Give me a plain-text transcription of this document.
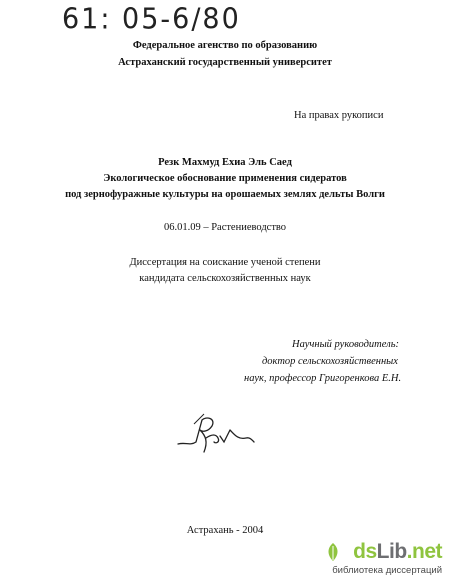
61: 05-6/80
Федеральное агенство по образованию
Астраханский государственный университет
На правах рукописи
Резк Махмуд Ехиа Эль Саед
Экологическое обоснование применения сидератов
под зернофуражные культуры на орошаемых землях дельты Волги
06.01.09 – Растениеводство
Диссертация на соискание ученой степени
кандидата сельскохозяйственных наук
Научный руководитель:
доктор сельскохозяйственных
наук, профессор Григоренкова Е.Н.
Астрахань - 2004
dsLib.net
библиотека диссертаций
